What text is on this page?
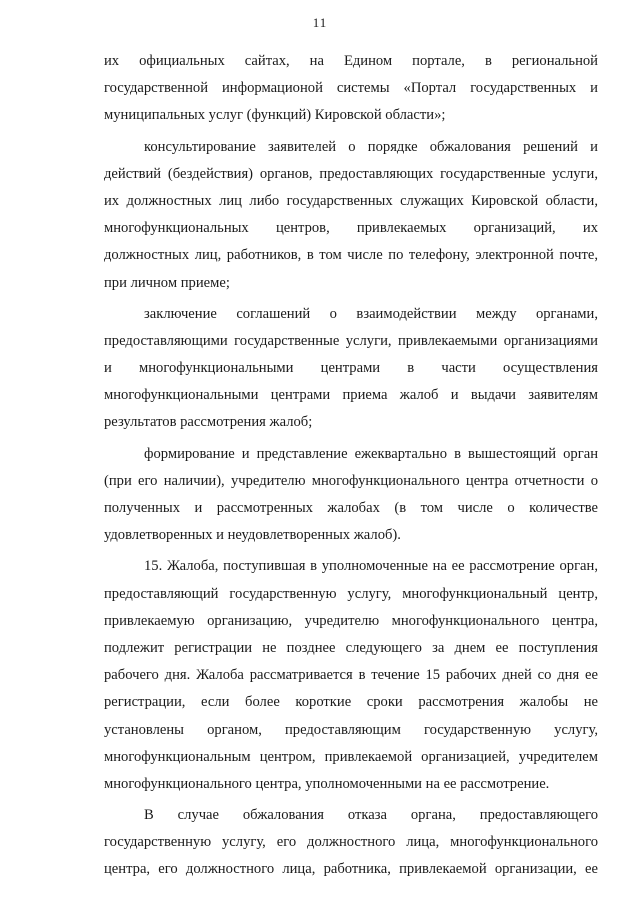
11
их официальных сайтах, на Едином портале, в региональной
государственной информационой системы «Портал государственных и
муниципальных услуг (функций) Кировской области»;
консультирование заявителей о порядке обжалования решений и
действий (бездействия) органов, предоставляющих государственные услуги,
их должностных лиц либо государственных служащих Кировской области,
многофункциональных центров, привлекаемых организаций, их
должностных лиц, работников, в том числе по телефону, электронной почте,
при личном приеме;
заключение соглашений о взаимодействии между органами,
предоставляющими государственные услуги, привлекаемыми организациями
и многофункциональными центрами в части осуществления
многофункциональными центрами приема жалоб и выдачи заявителям
результатов рассмотрения жалоб;
формирование и представление ежеквартально в вышестоящий орган
(при его наличии), учредителю многофункционального центра отчетности о
полученных и рассмотренных жалобах (в том числе о количестве
удовлетворенных и неудовлетворенных жалоб).
15. Жалоба, поступившая в уполномоченные на ее рассмотрение орган,
предоставляющий государственную услугу, многофункциональный центр,
привлекаемую организацию, учредителю многофункционального центра,
подлежит регистрации не позднее следующего за днем ее поступления
рабочего дня. Жалоба рассматривается в течение 15 рабочих дней со дня ее
регистрации, если более короткие сроки рассмотрения жалобы не
установлены органом, предоставляющим государственную услугу,
многофункциональным центром, привлекаемой организацией, учредителем
многофункционального центра, уполномоченными на ее рассмотрение.
В случае обжалования отказа органа, предоставляющего
государственную услугу, его должностного лица, многофункционального
центра, его должностного лица, работника, привлекаемой организации, ее
